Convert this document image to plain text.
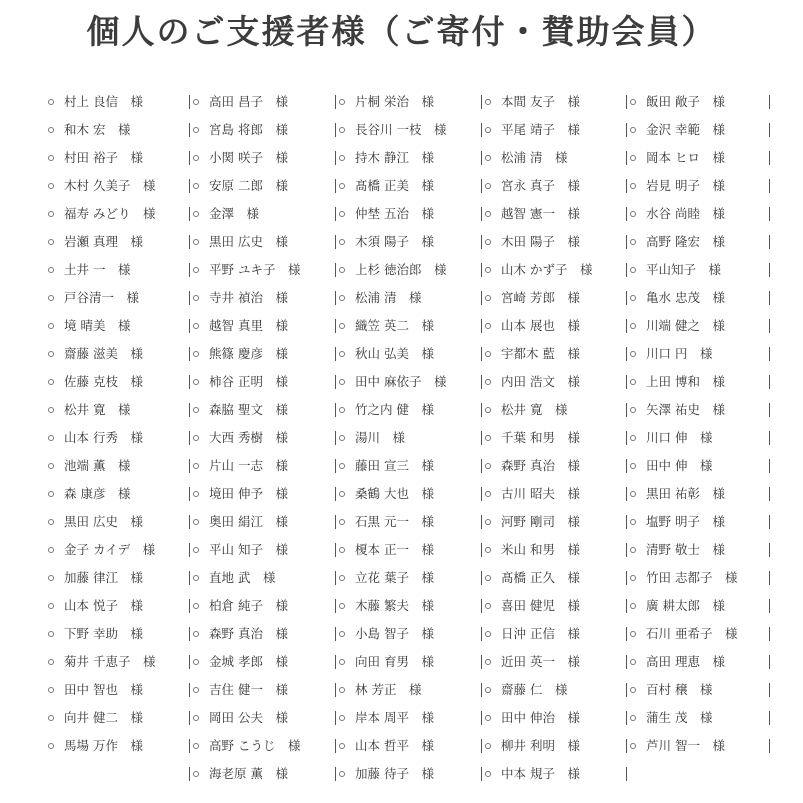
個人のご支援者様（ご寄付・賛助会員）
村上 良信　様
和木 宏　様
村田 裕子　様
木村 久美子　様
福寿 みどり　様
岩瀬 真理　様
土井 一　様
戸谷清一　様
境 晴美　様
齋藤 滋美　様
佐藤 克枝　様
松井 寛　様
山本 行秀　様
池端 薫　様
森 康彦　様
黒田 広史　様
金子 カイデ　様
加藤 律江　様
山本 悦子　様
下野 幸助　様
菊井 千恵子　様
田中 智也　様
向井 健二　様
馬場 万作　様
高田 昌子　様
宮島 将郎　様
小関 咲子　様
安原 二郎　様
金澤　様
黒田 広史　様
平野 ユキ子　様
寺井 禎治　様
越智 真里　様
熊篠 慶彦　様
柿谷 正明　様
森脇 聖文　様
大西 秀樹　様
片山 一志　様
境田 伸予　様
奥田 絹江　様
平山 知子　様
直地 武　様
柏倉 純子　様
森野 真治　様
金城 孝郎　様
吉住 健一　様
岡田 公夫　様
高野 こうじ　様
海老原 薫　様
片桐 栄治　様
長谷川 一枝　様
持木 静江　様
髙橋 正美　様
仲埜 五治　様
木須 陽子　様
上杉 徳治郎　様
松浦 清　様
織笠 英二　様
秋山 弘美　様
田中 麻依子　様
竹之内 健　様
湯川　様
藤田 宣三　様
桑鶴 大也　様
石黒 元一　様
榎本 正一　様
立花 葉子　様
木藤 繁夫　様
小島 智子　様
向田 育男　様
林 芳正　様
岸本 周平　様
山本 哲平　様
加藤 待子　様
本間 友子　様
平尾 靖子　様
松浦 清　様
宮永 真子　様
越智 憲一　様
木田 陽子　様
山木 かず子　様
宮崎 芳郎　様
山本 展也　様
宇都木 藍　様
内田 浩文　様
松井 寛　様
千葉 和男　様
森野 真治　様
古川 昭夫　様
河野 剛司　様
米山 和男　様
髙橋 正久　様
喜田 健児　様
日沖 正信　様
近田 英一　様
齋藤 仁　様
田中 伸治　様
柳井 利明　様
中本 規子　様
飯田 敞子　様
金沢 幸範　様
岡本 ヒロ　様
岩見 明子　様
水谷 尚睦　様
高野 隆宏　様
平山知子　様
亀水 忠茂　様
川端 健之　様
川口 円　様
上田 博和　様
矢澤 祐史　様
川口 伸　様
田中 伸　様
黒田 祐彰　様
塩野 明子　様
清野 敬士　様
竹田 志都子　様
廣 耕太郎　様
石川 亜希子　様
高田 理恵　様
百村 穣　様
蒲生 茂　様
芦川 智一　様
